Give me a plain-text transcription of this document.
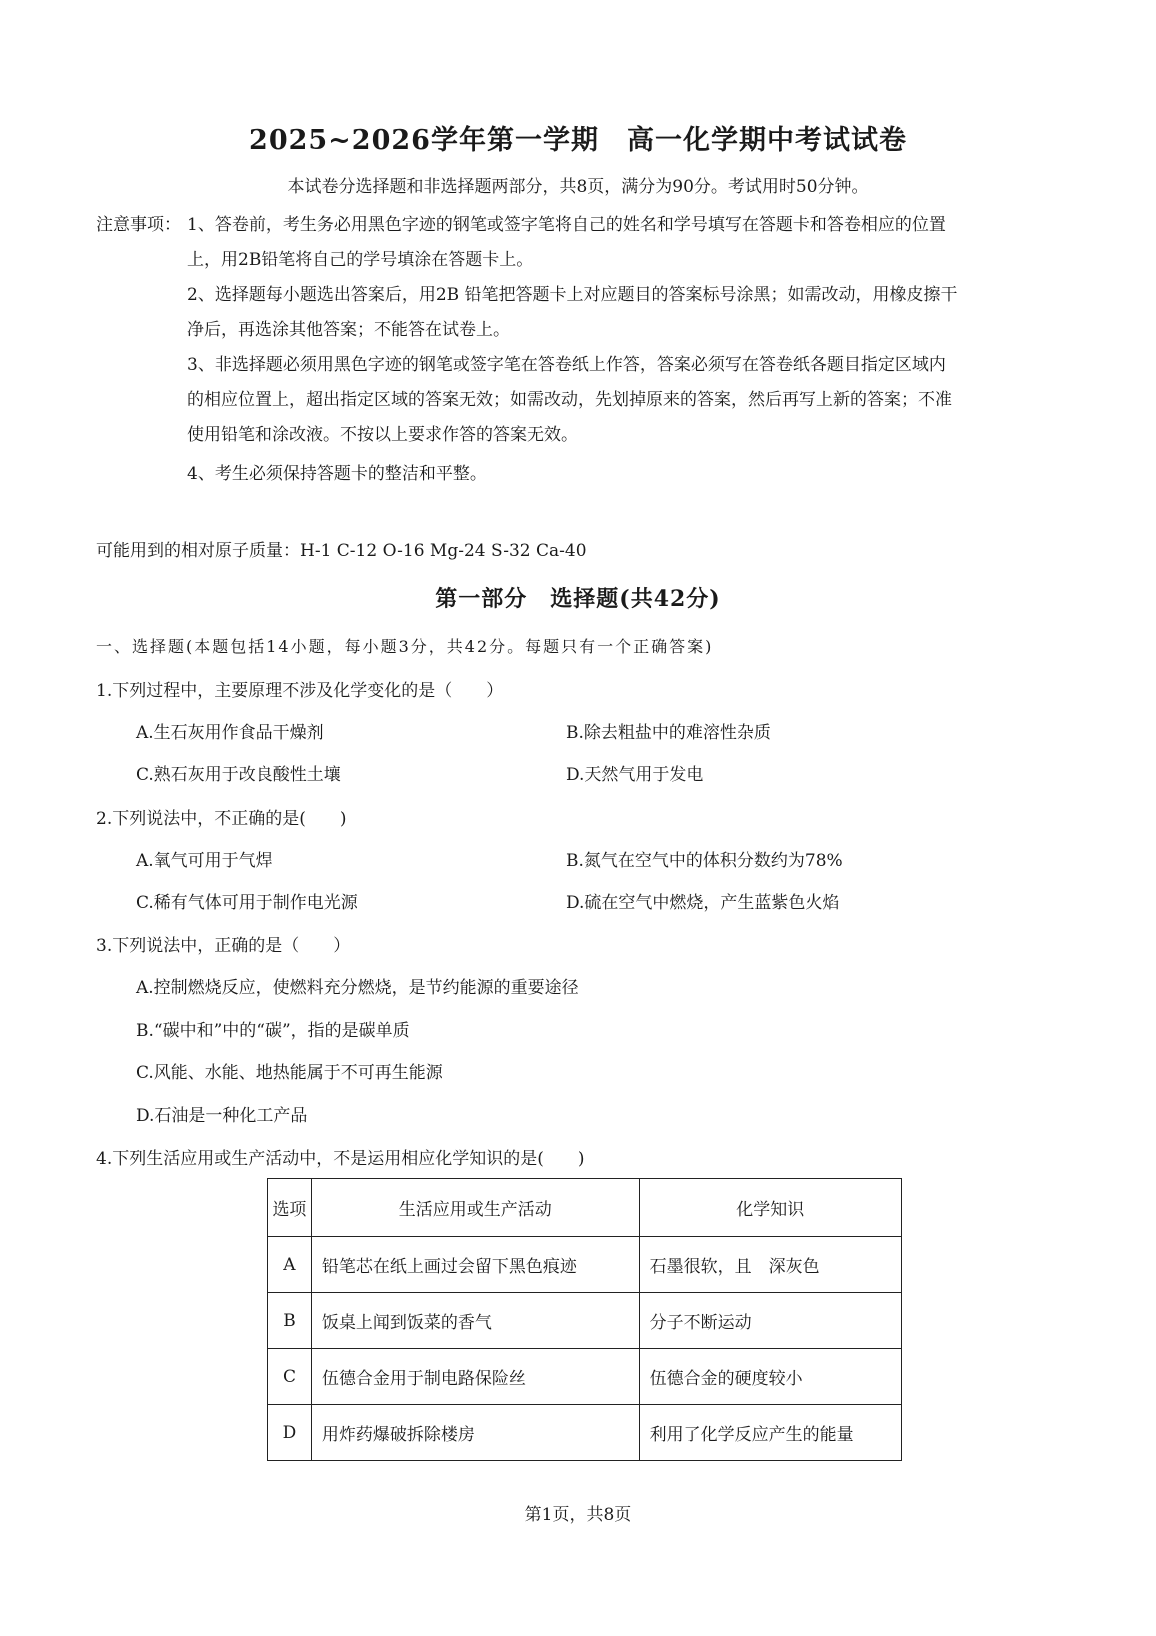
2025~2026学年第一学期　高一化学期中考试试卷
本试卷分选择题和非选择题两部分，共8页，满分为90分。考试用时50分钟。
注意事项： 1、答卷前，考生务必用黑色字迹的钢笔或签字笔将自己的姓名和学号填写在答题卡和答卷相应的位置
上，用2B铅笔将自己的学号填涂在答题卡上。
2、选择题每小题选出答案后，用2B 铅笔把答题卡上对应题目的答案标号涂黑；如需改动，用橡皮擦干
净后，再选涂其他答案；不能答在试卷上。
3、非选择题必须用黑色字迹的钢笔或签字笔在答卷纸上作答，答案必须写在答卷纸各题目指定区域内
的相应位置上，超出指定区域的答案无效；如需改动，先划掉原来的答案，然后再写上新的答案；不准
使用铅笔和涂改液。不按以上要求作答的答案无效。
4、考生必须保持答题卡的整洁和平整。
可能用到的相对原子质量：H-1 C-12 O-16 Mg-24 S-32 Ca-40
第一部分　选择题(共42分)
一、选择题(本题包括14小题，每小题3分，共42分。每题只有一个正确答案)
1.下列过程中，主要原理不涉及化学变化的是（　　）
A.生石灰用作食品干燥剂	B.除去粗盐中的难溶性杂质
C.熟石灰用于改良酸性土壤	D.天然气用于发电
2.下列说法中，不正确的是(　　)
A.氧气可用于气焊	B.氮气在空气中的体积分数约为78%
C.稀有气体可用于制作电光源	D.硫在空气中燃烧，产生蓝紫色火焰
3.下列说法中，正确的是（　　）
A.控制燃烧反应，使燃料充分燃烧，是节约能源的重要途径
B.“碳中和”中的“碳”，指的是碳单质
C.风能、水能、地热能属于不可再生能源
D.石油是一种化工产品
4.下列生活应用或生产活动中，不是运用相应化学知识的是(　　)
选项	生活应用或生产活动	化学知识
A	铅笔芯在纸上画过会留下黑色痕迹	石墨很软，且　深灰色
B	饭桌上闻到饭菜的香气	分子不断运动
C	伍德合金用于制电路保险丝	伍德合金的硬度较小
D	用炸药爆破拆除楼房	利用了化学反应产生的能量
第1页，共8页
